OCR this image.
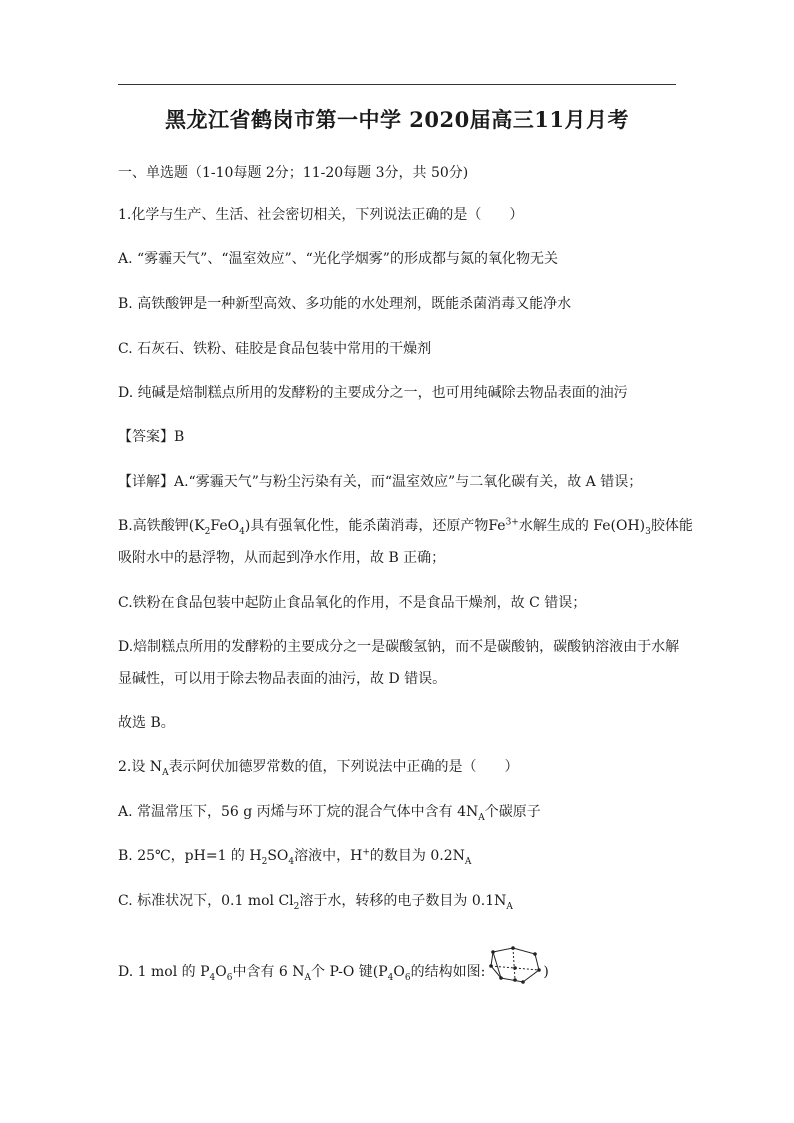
黑龙江省鹤岗市第一中学 2020届高三11月月考
一、单选题（1-10每题 2分；11-20每题 3分，共 50分)
1.化学与生产、生活、社会密切相关，下列说法正确的是（　　）
A. “雾霾天气”、“温室效应”、“光化学烟雾”的形成都与氮的氧化物无关
B. 高铁酸钾是一种新型高效、多功能的水处理剂，既能杀菌消毒又能净水
C. 石灰石、铁粉、硅胶是食品包装中常用的干燥剂
D. 纯碱是焙制糕点所用的发酵粉的主要成分之一，也可用纯碱除去物品表面的油污
【答案】B
【详解】A.“雾霾天气”与粉尘污染有关，而“温室效应”与二氧化碳有关，故 A 错误；
B.高铁酸钾$(K_2FeO_4)$具有强氧化性，能杀菌消毒，还原产物$Fe^{3+}$水解生成的 $Fe(OH)_3$胶体能
吸附水中的悬浮物，从而起到净水作用，故 B 正确；
C.铁粉在食品包装中起防止食品氧化的作用，不是食品干燥剂，故 C 错误；
D.焙制糕点所用的发酵粉的主要成分之一是碳酸氢钠，而不是碳酸钠，碳酸钠溶液由于水解
显碱性，可以用于除去物品表面的油污，故 D 错误。
故选 B。
2.设 $N_A$表示阿伏加德罗常数的值，下列说法中正确的是（　　）
A. 常温常压下，56 g 丙烯与环丁烷的混合气体中含有 $4N_A$个碳原子
B. 25℃，pH=1 的 $H_2SO_4$溶液中，H+的数目为 $0.2N_A$
C. 标准状况下，0.1 mol $Cl_2$溶于水，转移的电子数目为 $0.1N_A$
D. 1 mol 的 $P_4O_6$中含有 6 $N_A$个 P-O 键($P_4O_6$的结构如图:	)
